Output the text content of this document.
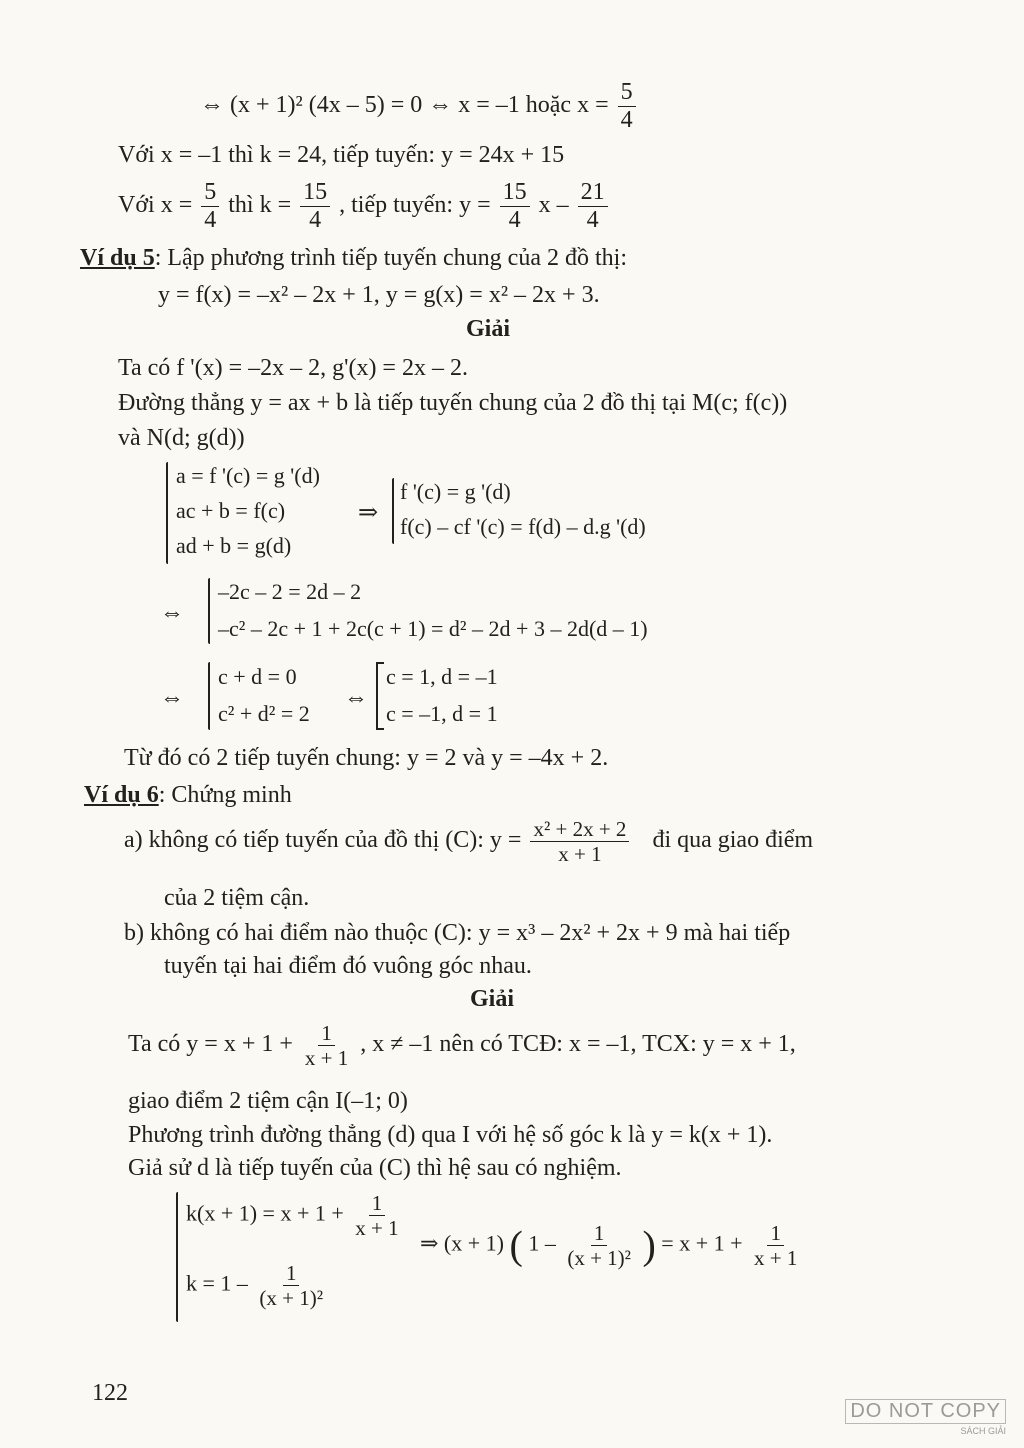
⇔ (x + 1)² (4x – 5) = 0 ⇔ x = –1 hoặc $x = \frac{5}{4}$
Với x = –1 thì k = 24, tiếp tuyến: y = 24x + 15
Với $x = \frac{5}{4}$ thì $k = \frac{15}{4}$ , tiếp tuyến: $y = \frac{15}{4}$ x – $\frac{21}{4}$
Ví dụ 5: Lập phương trình tiếp tuyến chung của 2 đồ thị:
y = f(x) = –x² – 2x + 1, y = g(x) = x² – 2x + 3.
Giải
Ta có f '(x) = –2x – 2, g'(x) = 2x – 2.
Đường thẳng y = ax + b là tiếp tuyến chung của 2 đồ thị tại M(c; f(c))
và N(d; g(d))
a = f '(c) = g '(d)
ac + b = f(c)
ad + b = g(d)
⇒
f '(c) = g '(d)
f(c) – cf '(c) = f(d) – d.g '(d)
⇔
–2c – 2 = 2d – 2
–c² – 2c + 1 + 2c(c + 1) = d² – 2d + 3 – 2d(d – 1)
⇔
c + d = 0
c² + d² = 2
⇔
c = 1, d = –1
c = –1, d = 1
Từ đó có 2 tiếp tuyến chung: y = 2 và y = –4x + 2.
Ví dụ 6: Chứng minh
a) không có tiếp tuyến của đồ thị (C): $y = \frac{\text{x² + 2x + 2}}{x + 1}$ đi qua giao điểm
của 2 tiệm cận.
b) không có hai điểm nào thuộc (C): y = x³ – 2x² + 2x + 9 mà hai tiếp
tuyến tại hai điểm đó vuông góc nhau.
Giải
Ta có $y = x + 1 + \frac{1}{x + 1}$ , x ≠ –1 nên có TCĐ: x = –1, TCX: y = x + 1,
giao điểm 2 tiệm cận I(–1; 0)
Phương trình đường thẳng (d) qua I với hệ số góc k là y = k(x + 1).
Giả sử d là tiếp tuyến của (C) thì hệ sau có nghiệm.
$k(x + 1) = x + 1 + \frac{1}{x + 1}$
$k = 1 - \frac{1}{\text{(x + 1)²}}$
⇒ (x + 1) ( $1 - \frac{1}{\text{(x + 1)²}}$ ) = $x + 1 + \frac{1}{x + 1}$
122
DO NOT COPY
SÁCH GIẢI
